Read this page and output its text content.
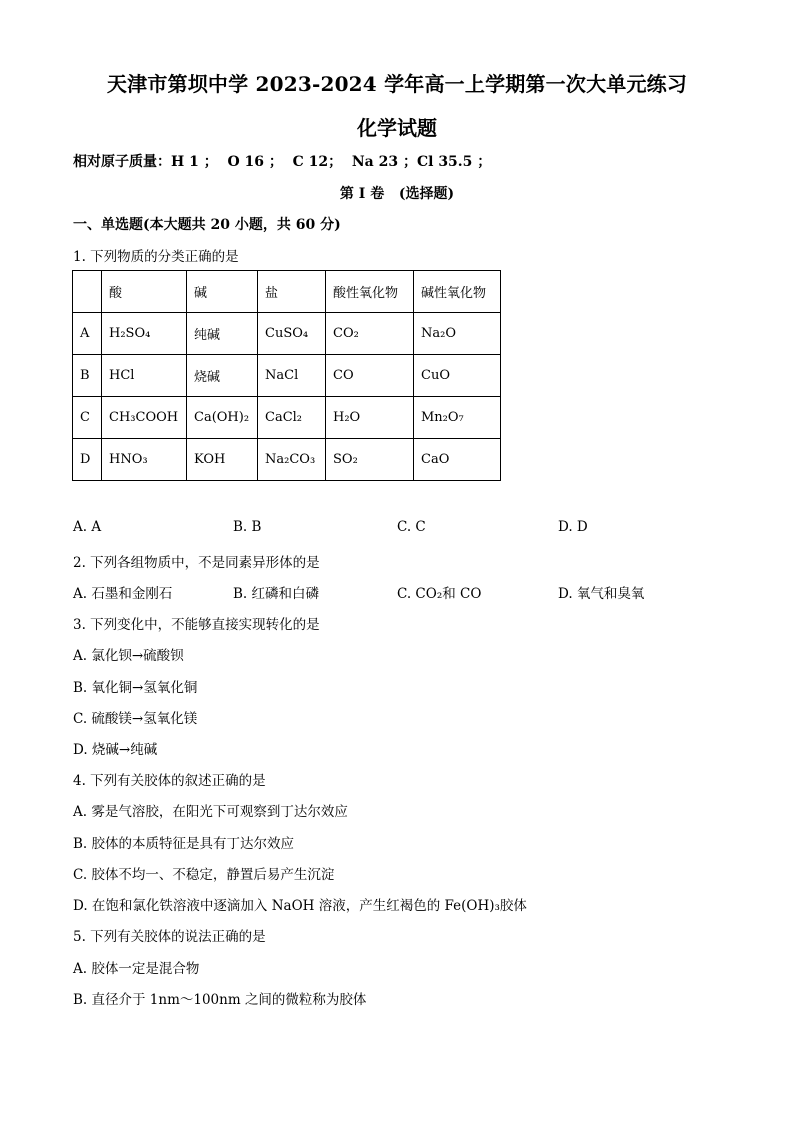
天津市第坝中学 2023-2024 学年高一上学期第一次大单元练习
化学试题
相对原子质量：H 1 ；  O 16 ；  C 12；  Na 23 ；Cl 35.5 ；
第 I 卷   (选择题)
一、单选题(本大题共 20 小题，共 60 分)
1. 下列物质的分类正确的是
	酸	碱	盐	酸性氧化物	碱性氧化物
A	H₂SO₄	纯碱	CuSO₄	CO₂	Na₂O
B	HCl	烧碱	NaCl	CO	CuO
C	CH₃COOH	Ca(OH)₂	CaCl₂	H₂O	Mn₂O₇
D	HNO₃	KOH	Na₂CO₃	SO₂	CaO
A. A	B. B	C. C	D. D
2. 下列各组物质中，不是同素异形体的是
A. 石墨和金刚石	B. 红磷和白磷	C. CO₂和 CO	D. 氧气和臭氧
3. 下列变化中，不能够直接实现转化的是
A. 氯化钡→硫酸钡
B. 氧化铜→氢氧化铜
C. 硫酸镁→氢氧化镁
D. 烧碱→纯碱
4. 下列有关胶体的叙述正确的是
A. 雾是气溶胶，在阳光下可观察到丁达尔效应
B. 胶体的本质特征是具有丁达尔效应
C. 胶体不均一、不稳定，静置后易产生沉淀
D. 在饱和氯化铁溶液中逐滴加入 NaOH 溶液，产生红褐色的 Fe(OH)₃胶体
5. 下列有关胶体的说法正确的是
A. 胶体一定是混合物
B. 直径介于 1nm～100nm 之间的微粒称为胶体
